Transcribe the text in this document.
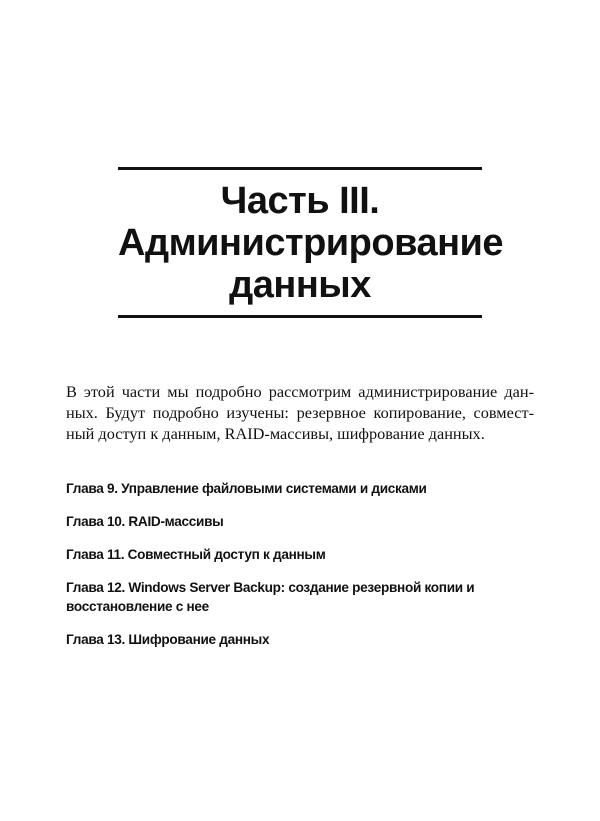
Часть III.
Администрирование
данных
В этой части мы подробно рассмотрим администрирование дан-
ных. Будут подробно изучены: резервное копирование, совмест-
ный доступ к данным, RAID-массивы, шифрование данных.
Глава 9. Управление файловыми системами и дисками
Глава 10. RAID-массивы
Глава 11. Совместный доступ к данным
Глава 12. Windows Server Backup: создание резервной копии и
восстановление с нее
Глава 13. Шифрование данных
